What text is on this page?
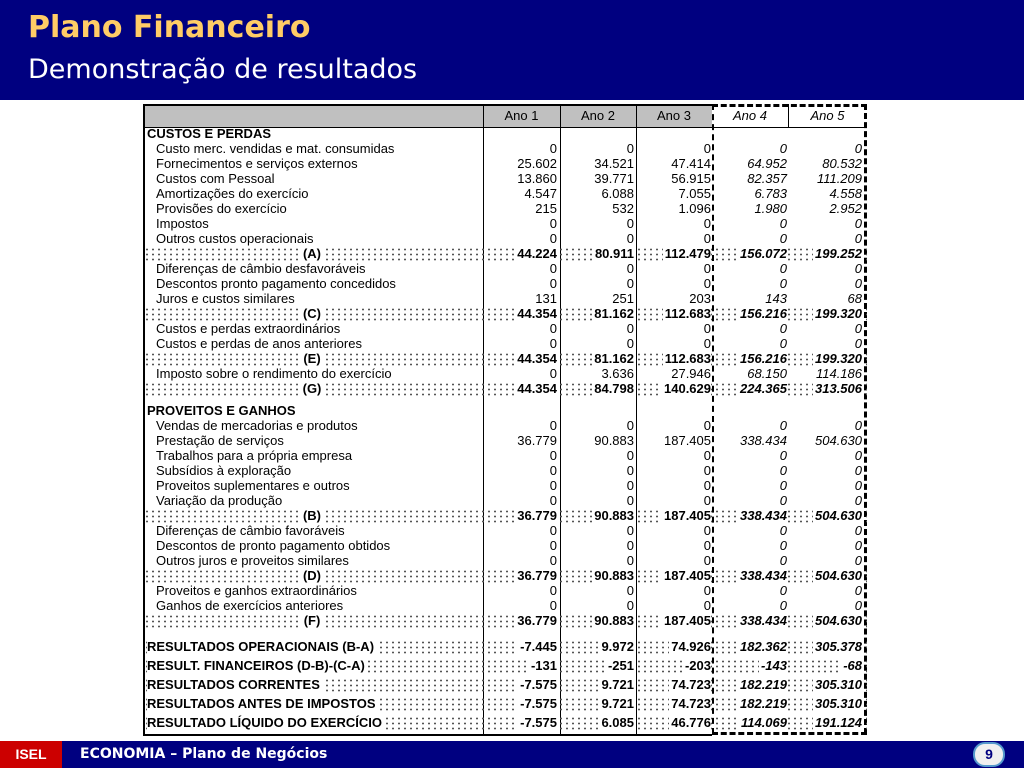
Plano Financeiro
Demonstração de resultados
Ano 1	Ano 2	Ano 3	Ano 4	Ano 5
CUSTOS E PERDAS
Custo merc. vendidas e mat. consumidas	0	0	0	0	0
Fornecimentos e serviços externos	25.602	34.521	47.414	64.952	80.532
Custos com Pessoal	13.860	39.771	56.915	82.357 111.209
Amortizações do exercício	4.547	6.088	7.055	6.783	4.558
Provisões do exercício	215	532	1.096	1.980	2.952
Impostos	0	0	0	0	0
Outros custos operacionais	0	0	0	0	0
(A)	44.224	80.911 112.479 156.072 199.252
Diferenças de câmbio desfavoráveis	0	0	0	0	0
Descontos pronto pagamento concedidos	0	0	0	0	0
Juros e custos similares	131	251	203	143	68
(C)	44.354	81.162 112.683 156.216 199.320
Custos e perdas extraordinários	0	0	0	0	0
Custos e perdas de anos anteriores	0	0	0	0	0
(E)	44.354	81.162 112.683 156.216 199.320
Imposto sobre o rendimento do exercício	0	3.636	27.946	68.150 114.186
(G)	44.354	84.798 140.629 224.365 313.506
PROVEITOS E GANHOS
Vendas de mercadorias e produtos	0	0	0	0	0
Prestação de serviços	36.779	90.883 187.405 338.434 504.630
Trabalhos para a própria empresa	0	0	0	0	0
Subsídios à exploração	0	0	0	0	0
Proveitos suplementares e outros	0	0	0	0	0
Variação da produção	0	0	0	0	0
(B)	36.779	90.883 187.405 338.434 504.630
Diferenças de câmbio favoráveis	0	0	0	0	0
Descontos de pronto pagamento obtidos	0	0	0	0	0
Outros juros e proveitos similares	0	0	0	0	0
(D)	36.779	90.883 187.405 338.434 504.630
Proveitos e ganhos extraordinários	0	0	0	0	0
Ganhos de exercícios anteriores	0	0	0	0	0
(F)	36.779	90.883 187.405 338.434 504.630
RESULTADOS OPERACIONAIS (B-A)	-7.445	9.972	74.926 182.362 305.378
RESULT. FINANCEIROS (D-B)-(C-A)	-131	-251	-203	-143	-68
RESULTADOS CORRENTES	-7.575	9.721	74.723 182.219 305.310
RESULTADOS ANTES DE IMPOSTOS	-7.575	9.721	74.723 182.219 305.310
RESULTADO LÍQUIDO DO EXERCÍCIO	-7.575	6.085	46.776 114.069 191.124
ISEL	ECONOMIA – Plano de Negócios	9
